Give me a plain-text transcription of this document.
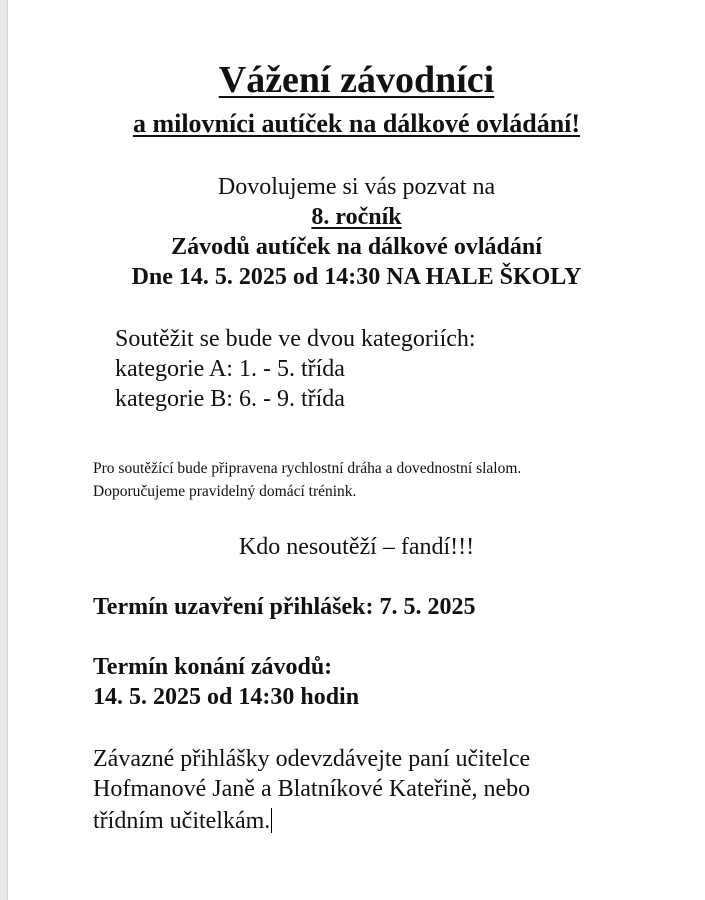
Vážení závodníci
a milovníci autíček na dálkové ovládání!
Dovolujeme si vás pozvat na
8. ročník
Závodů autíček na dálkové ovládání
Dne 14. 5. 2025 od 14:30 NA HALE ŠKOLY
Soutěžit se bude ve dvou kategoriích:
kategorie A: 1. - 5. třída
kategorie B: 6. - 9. třída
Pro soutěžící bude připravena rychlostní dráha a dovednostní slalom.
Doporučujeme pravidelný domácí trénink.
Kdo nesoutěží – fandí!!!
Termín uzavření přihlášek: 7. 5. 2025
Termín konání závodů:
14. 5. 2025 od 14:30 hodin
Závazné přihlášky odevzdávejte paní učitelce
Hofmanové Janě a Blatníkové Kateřině, nebo
třídním učitelkám.
